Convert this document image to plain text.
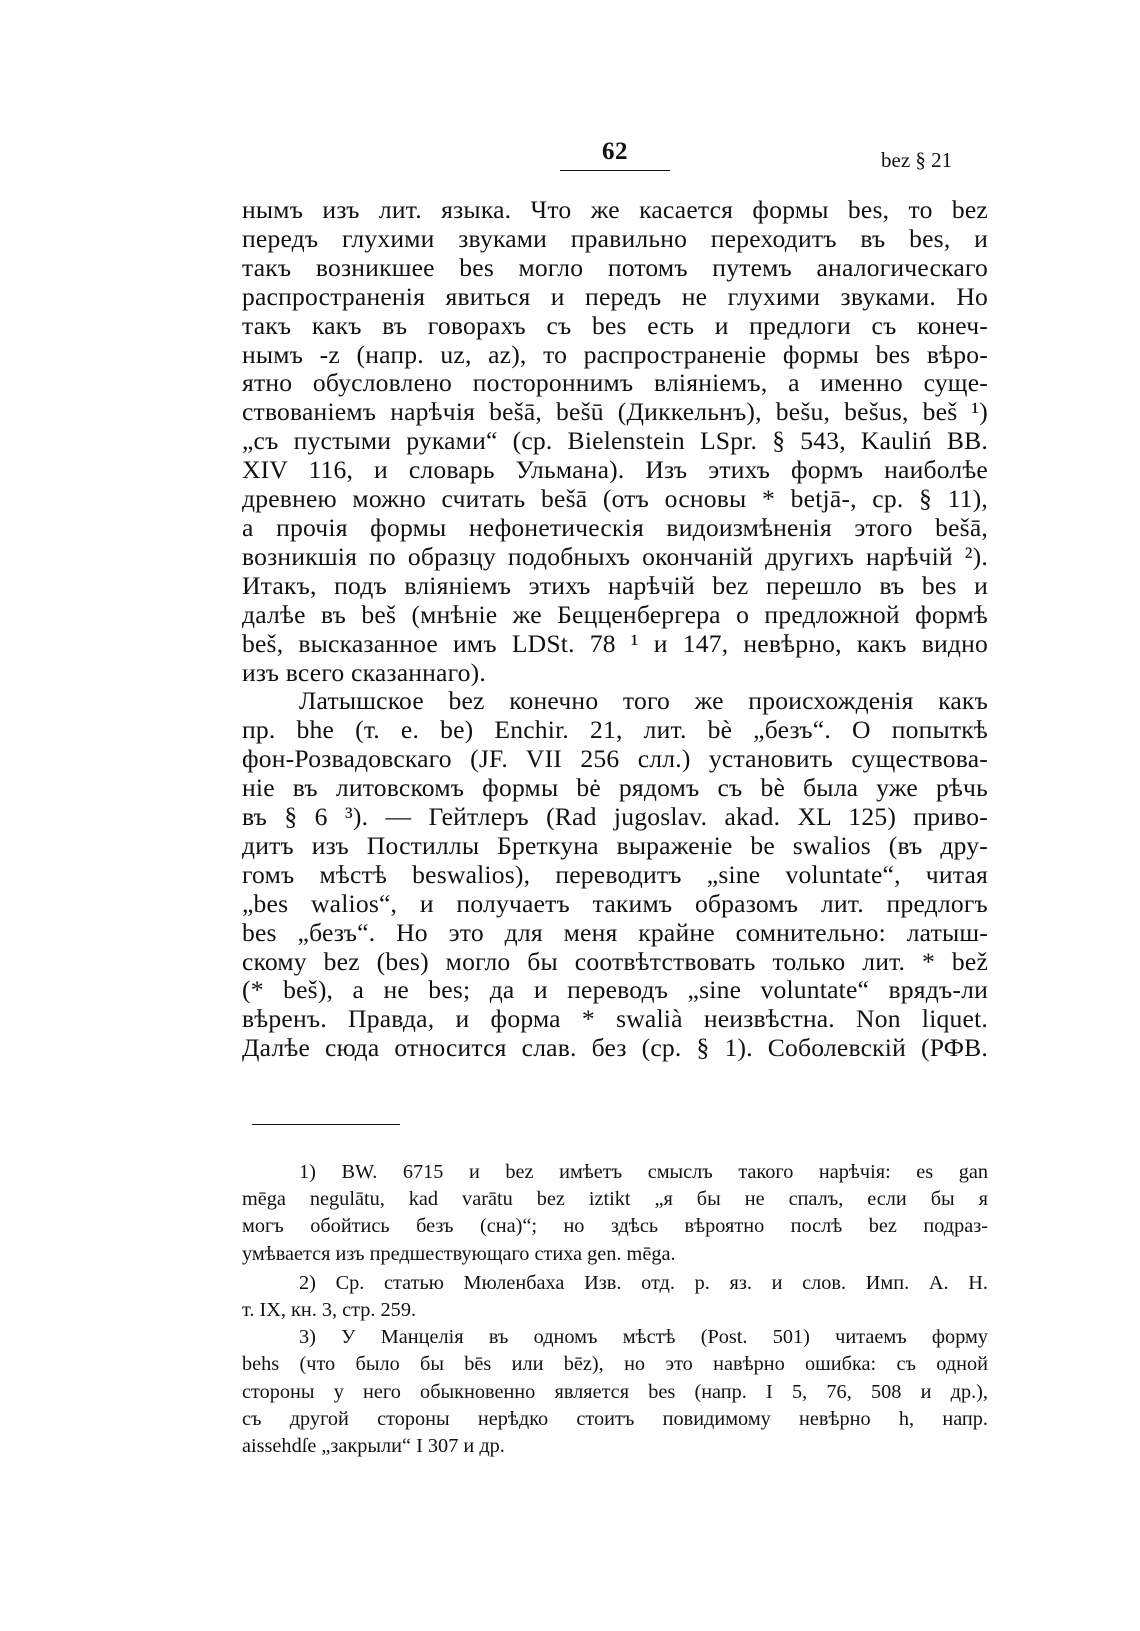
62	bez § 21

нымъ изъ лит. языка. Что же касается формы bes, то bez

передъ глухими звуками правильно переходитъ въ bes, и

такъ возникшее bes могло потомъ путемъ аналогическаго

распространенія явиться и передъ не глухими звуками. Но

такъ какъ въ говорахъ съ bes есть и предлоги съ конеч-

нымъ -z (напр. uz, az), то распространеніе формы bes вѣро-

ятно обусловлено постороннимъ вліяніемъ, а именно суще-

ствованіемъ нарѣчія bešā, bešū (Диккельнъ), bešu, bešus, beš ¹)

„съ пустыми руками“ (ср. Bielenstein LSpr. § 543, Kauliń BB.

XIV 116, и словарь Ульмана). Изъ этихъ формъ наиболѣе

древнею можно считать bešā (отъ основы * betjā-, ср. § 11),

а прочія формы нефонетическія видоизмѣненія этого bešā,

возникшія по образцу подобныхъ окончаній другихъ нарѣчій ²).

Итакъ, подъ вліяніемъ этихъ нарѣчій bez перешло въ bes и

далѣе въ beš (мнѣніе же Бецценбергера о предложной формѣ

beš, высказанное имъ LDSt. 78 ¹ и 147, невѣрно, какъ видно

изъ всего сказаннаго).

Латышское bez конечно того же происхожденія какъ

пр. bhe (т. е. be) Enchir. 21, лит. bè „безъ“. О попыткѣ

фон-Розвадовскаго (JF. VII 256 слл.) установить существова-

ніе въ литовскомъ формы bė рядомъ съ bè была уже рѣчь

въ § 6 ³). — Гейтлеръ (Rad jugoslav. akad. XL 125) приво-

дитъ изъ Постиллы Бреткуна выраженіе be swalios (въ дру-

гомъ мѣстѣ beswalios), переводитъ „sine voluntate“, читая

„bes walios“, и получаетъ такимъ образомъ лит. предлогъ

bes „безъ“. Но это для меня крайне сомнительно: латыш-

скому bez (bes) могло бы соотвѣтствовать только лит. * bež

(* beš), а не bes; да и переводъ „sine voluntate“ врядъ-ли

вѣренъ. Правда, и форма * swalià неизвѣстна. Non liquet.

Далѣе сюда относится слав. без (ср. § 1). Соболевскій (РФВ.

1) BW. 6715 и bez имѣетъ смыслъ такого нарѣчія: es gan

mēga negulātu, kad varātu bez iztikt „я бы не спалъ, если бы я
могъ обойтись безъ (сна)“; но здѣсь вѣроятно послѣ bez подраз-
умѣвается изъ предшествующаго стиха gen. mēga.

2) Ср. статью Мюленбаха Изв. отд. р. яз. и слов. Имп. А. Н.

т. IX, кн. 3, стр. 259.

3) У Манцелія въ одномъ мѣстѣ (Post. 501) читаемъ форму

behs (что было бы bēs или bēz), но это навѣрно ошибка: съ одной
стороны у него обыкновенно является bes (напр. I 5, 76, 508 и др.),
съ другой стороны нерѣдко стоитъ повидимому невѣрно h, напр.
aissehdſe „закрыли“ I 307 и др.
